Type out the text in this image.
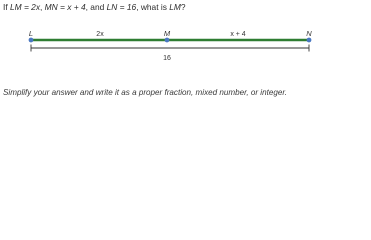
If LM = 2x, MN = x + 4, and LN = 16, what is LM?
L	M	N
2x	x + 4
16
Simplify your answer and write it as a proper fraction, mixed number, or integer.
